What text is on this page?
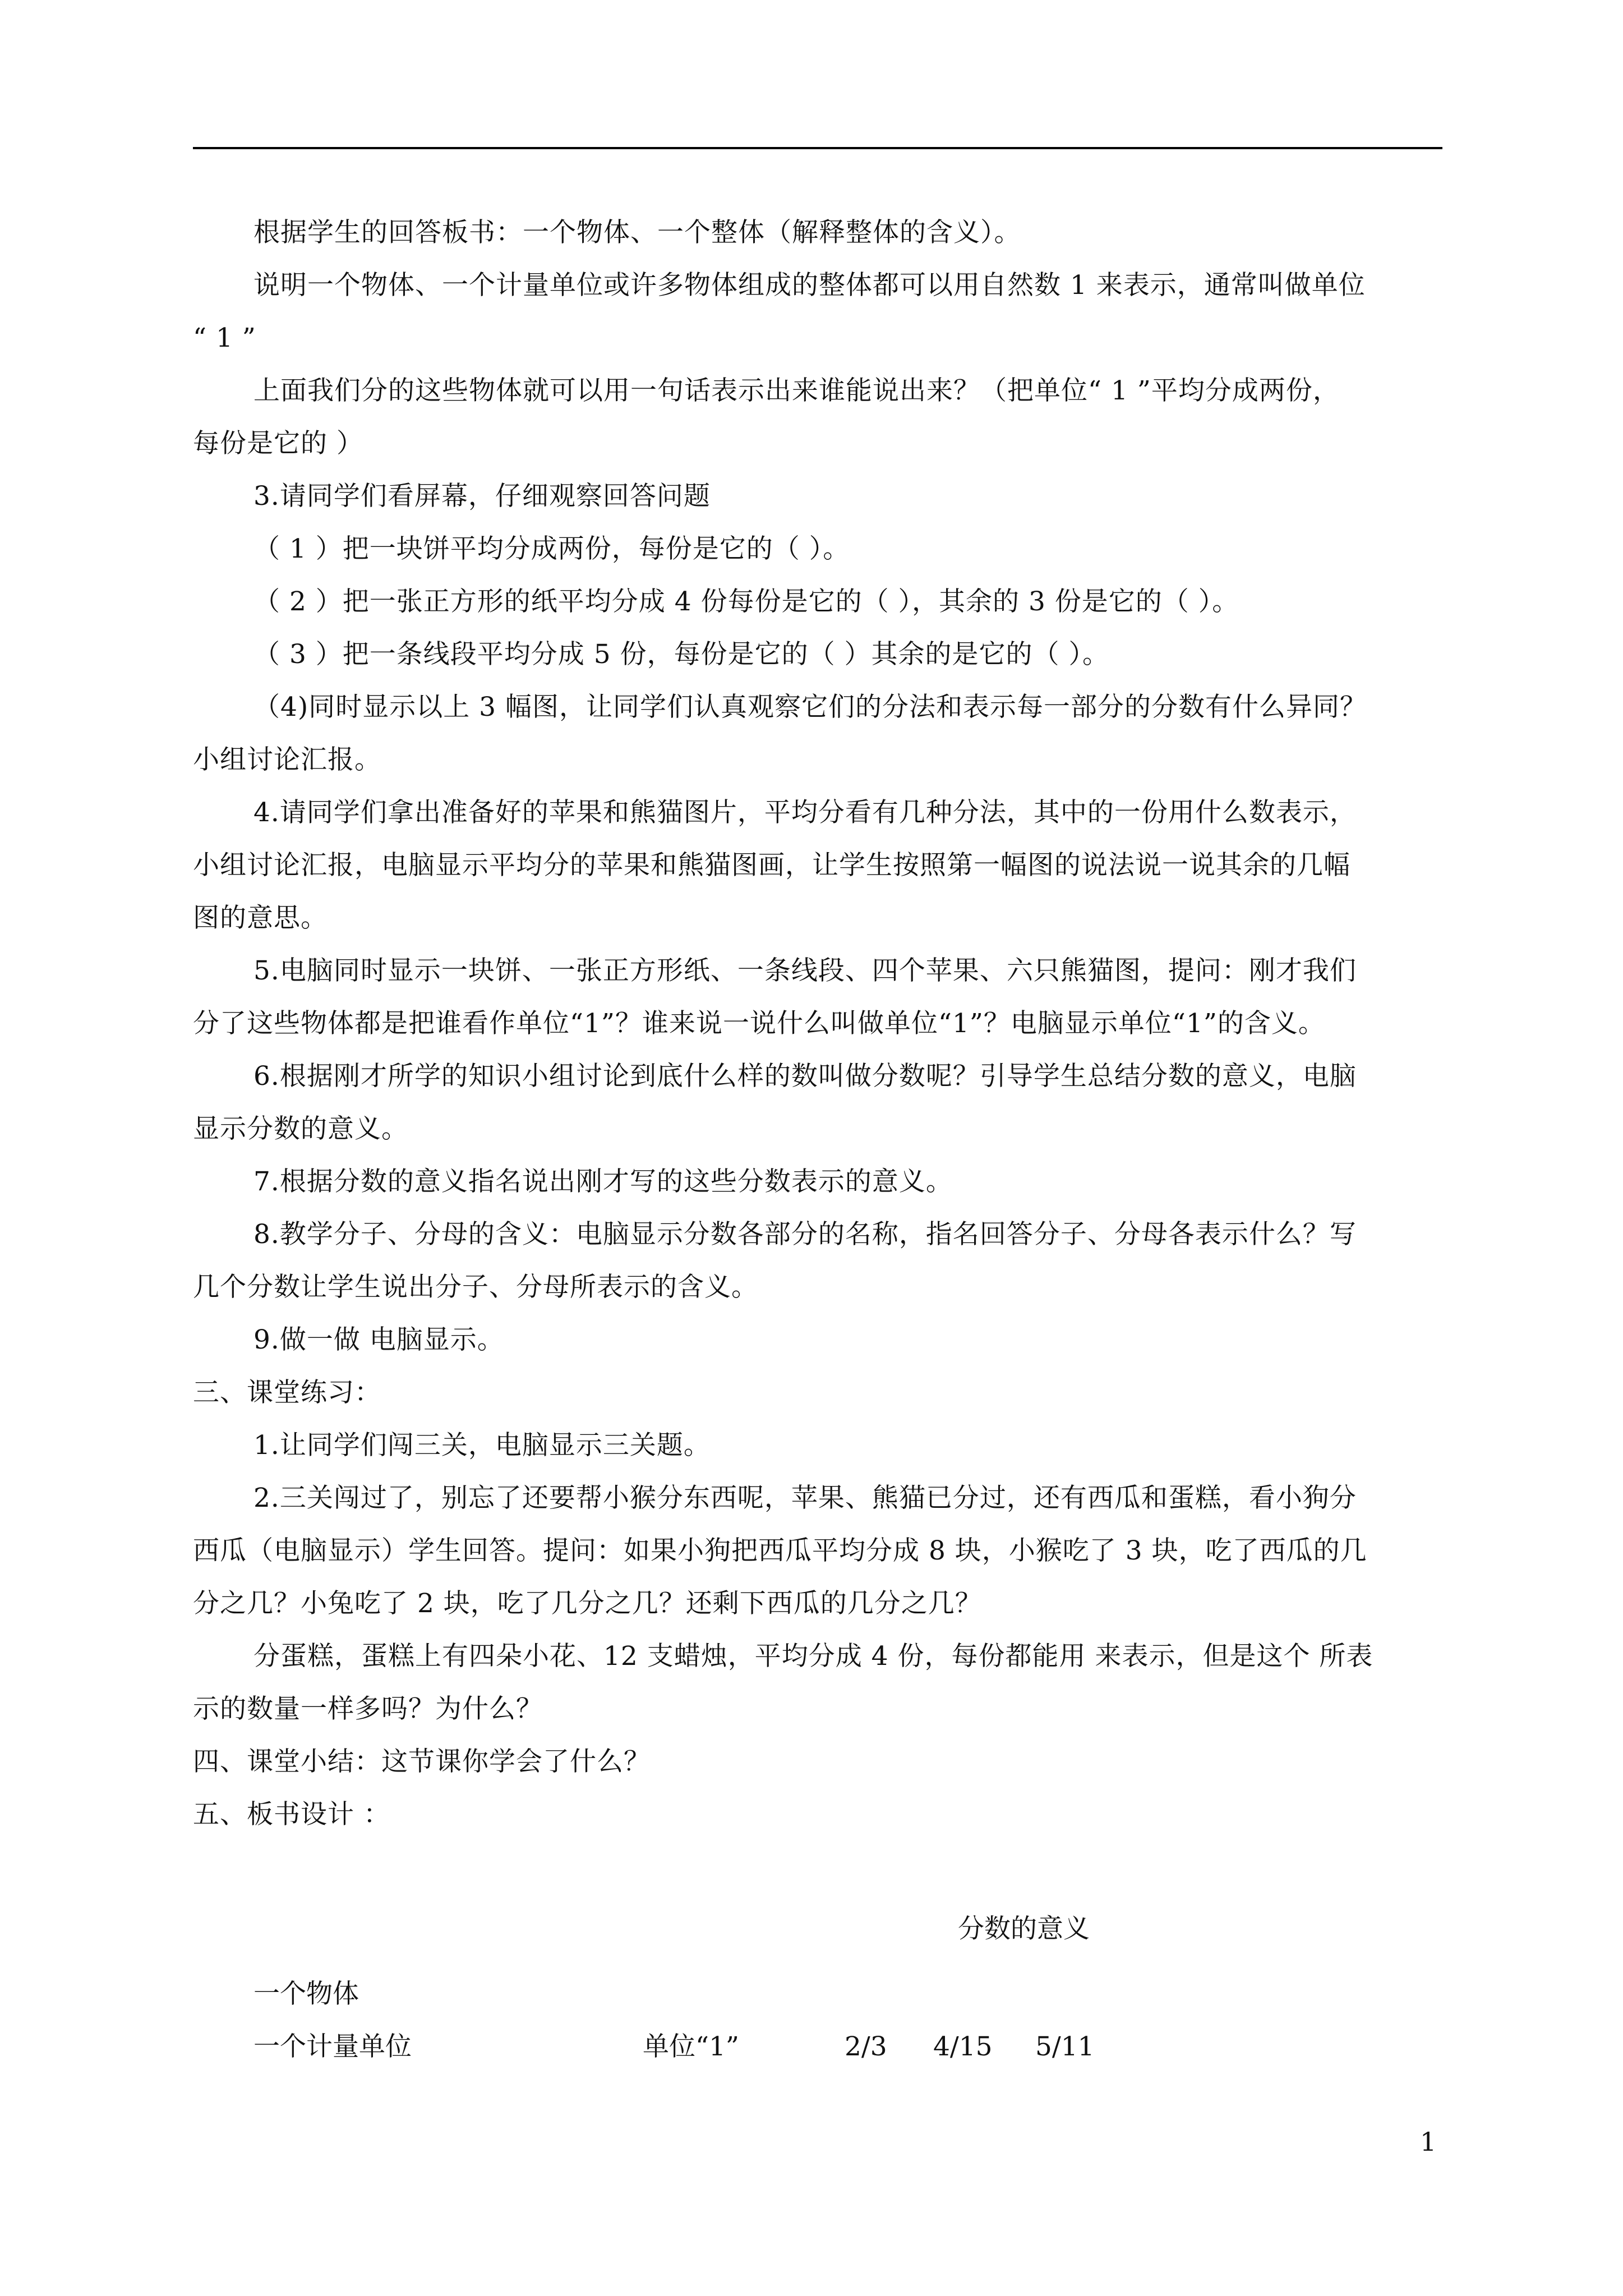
根据学生的回答板书：一个物体、一个整体（解释整体的含义）。

说明一个物体、一个计量单位或许多物体组成的整体都可以用自然数 1 来表示，通常叫做单位

“ 1 ”

上面我们分的这些物体就可以用一句话表示出来谁能说出来？（把单位“ 1 ”平均分成两份，

每份是它的 ）

3.请同学们看屏幕，仔细观察回答问题

（ 1 ）把一块饼平均分成两份，每份是它的（ ）。

（ 2 ）把一张正方形的纸平均分成 4 份每份是它的（ ），其余的 3 份是它的（ ）。

（ 3 ）把一条线段平均分成 5 份，每份是它的（ ）其余的是它的（ ）。

（4)同时显示以上 3 幅图，让同学们认真观察它们的分法和表示每一部分的分数有什么异同？

小组讨论汇报。

4.请同学们拿出准备好的苹果和熊猫图片，平均分看有几种分法，其中的一份用什么数表示，

小组讨论汇报，电脑显示平均分的苹果和熊猫图画，让学生按照第一幅图的说法说一说其余的几幅

图的意思。

5.电脑同时显示一块饼、一张正方形纸、一条线段、四个苹果、六只熊猫图，提问：刚才我们

分了这些物体都是把谁看作单位“1”？谁来说一说什么叫做单位“1”？电脑显示单位“1”的含义。

6.根据刚才所学的知识小组讨论到底什么样的数叫做分数呢？引导学生总结分数的意义，电脑

显示分数的意义。

7.根据分数的意义指名说出刚才写的这些分数表示的意义。

8.教学分子、分母的含义：电脑显示分数各部分的名称，指名回答分子、分母各表示什么？写

几个分数让学生说出分子、分母所表示的含义。

9.做一做 电脑显示。

三、课堂练习：

1.让同学们闯三关，电脑显示三关题。

2.三关闯过了，别忘了还要帮小猴分东西呢，苹果、熊猫已分过，还有西瓜和蛋糕，看小狗分

西瓜（电脑显示）学生回答。提问：如果小狗把西瓜平均分成 8 块，小猴吃了 3 块，吃了西瓜的几

分之几？小兔吃了 2 块，吃了几分之几？还剩下西瓜的几分之几？

分蛋糕，蛋糕上有四朵小花、12 支蜡烛，平均分成 4 份，每份都能用 来表示，但是这个 所表

示的数量一样多吗？为什么？

四、课堂小结：这节课你学会了什么？

五、板书设计 ：

分数的意义
一个物体
一个计量单位	单位“1”	2/3 4/15 5/11
1
